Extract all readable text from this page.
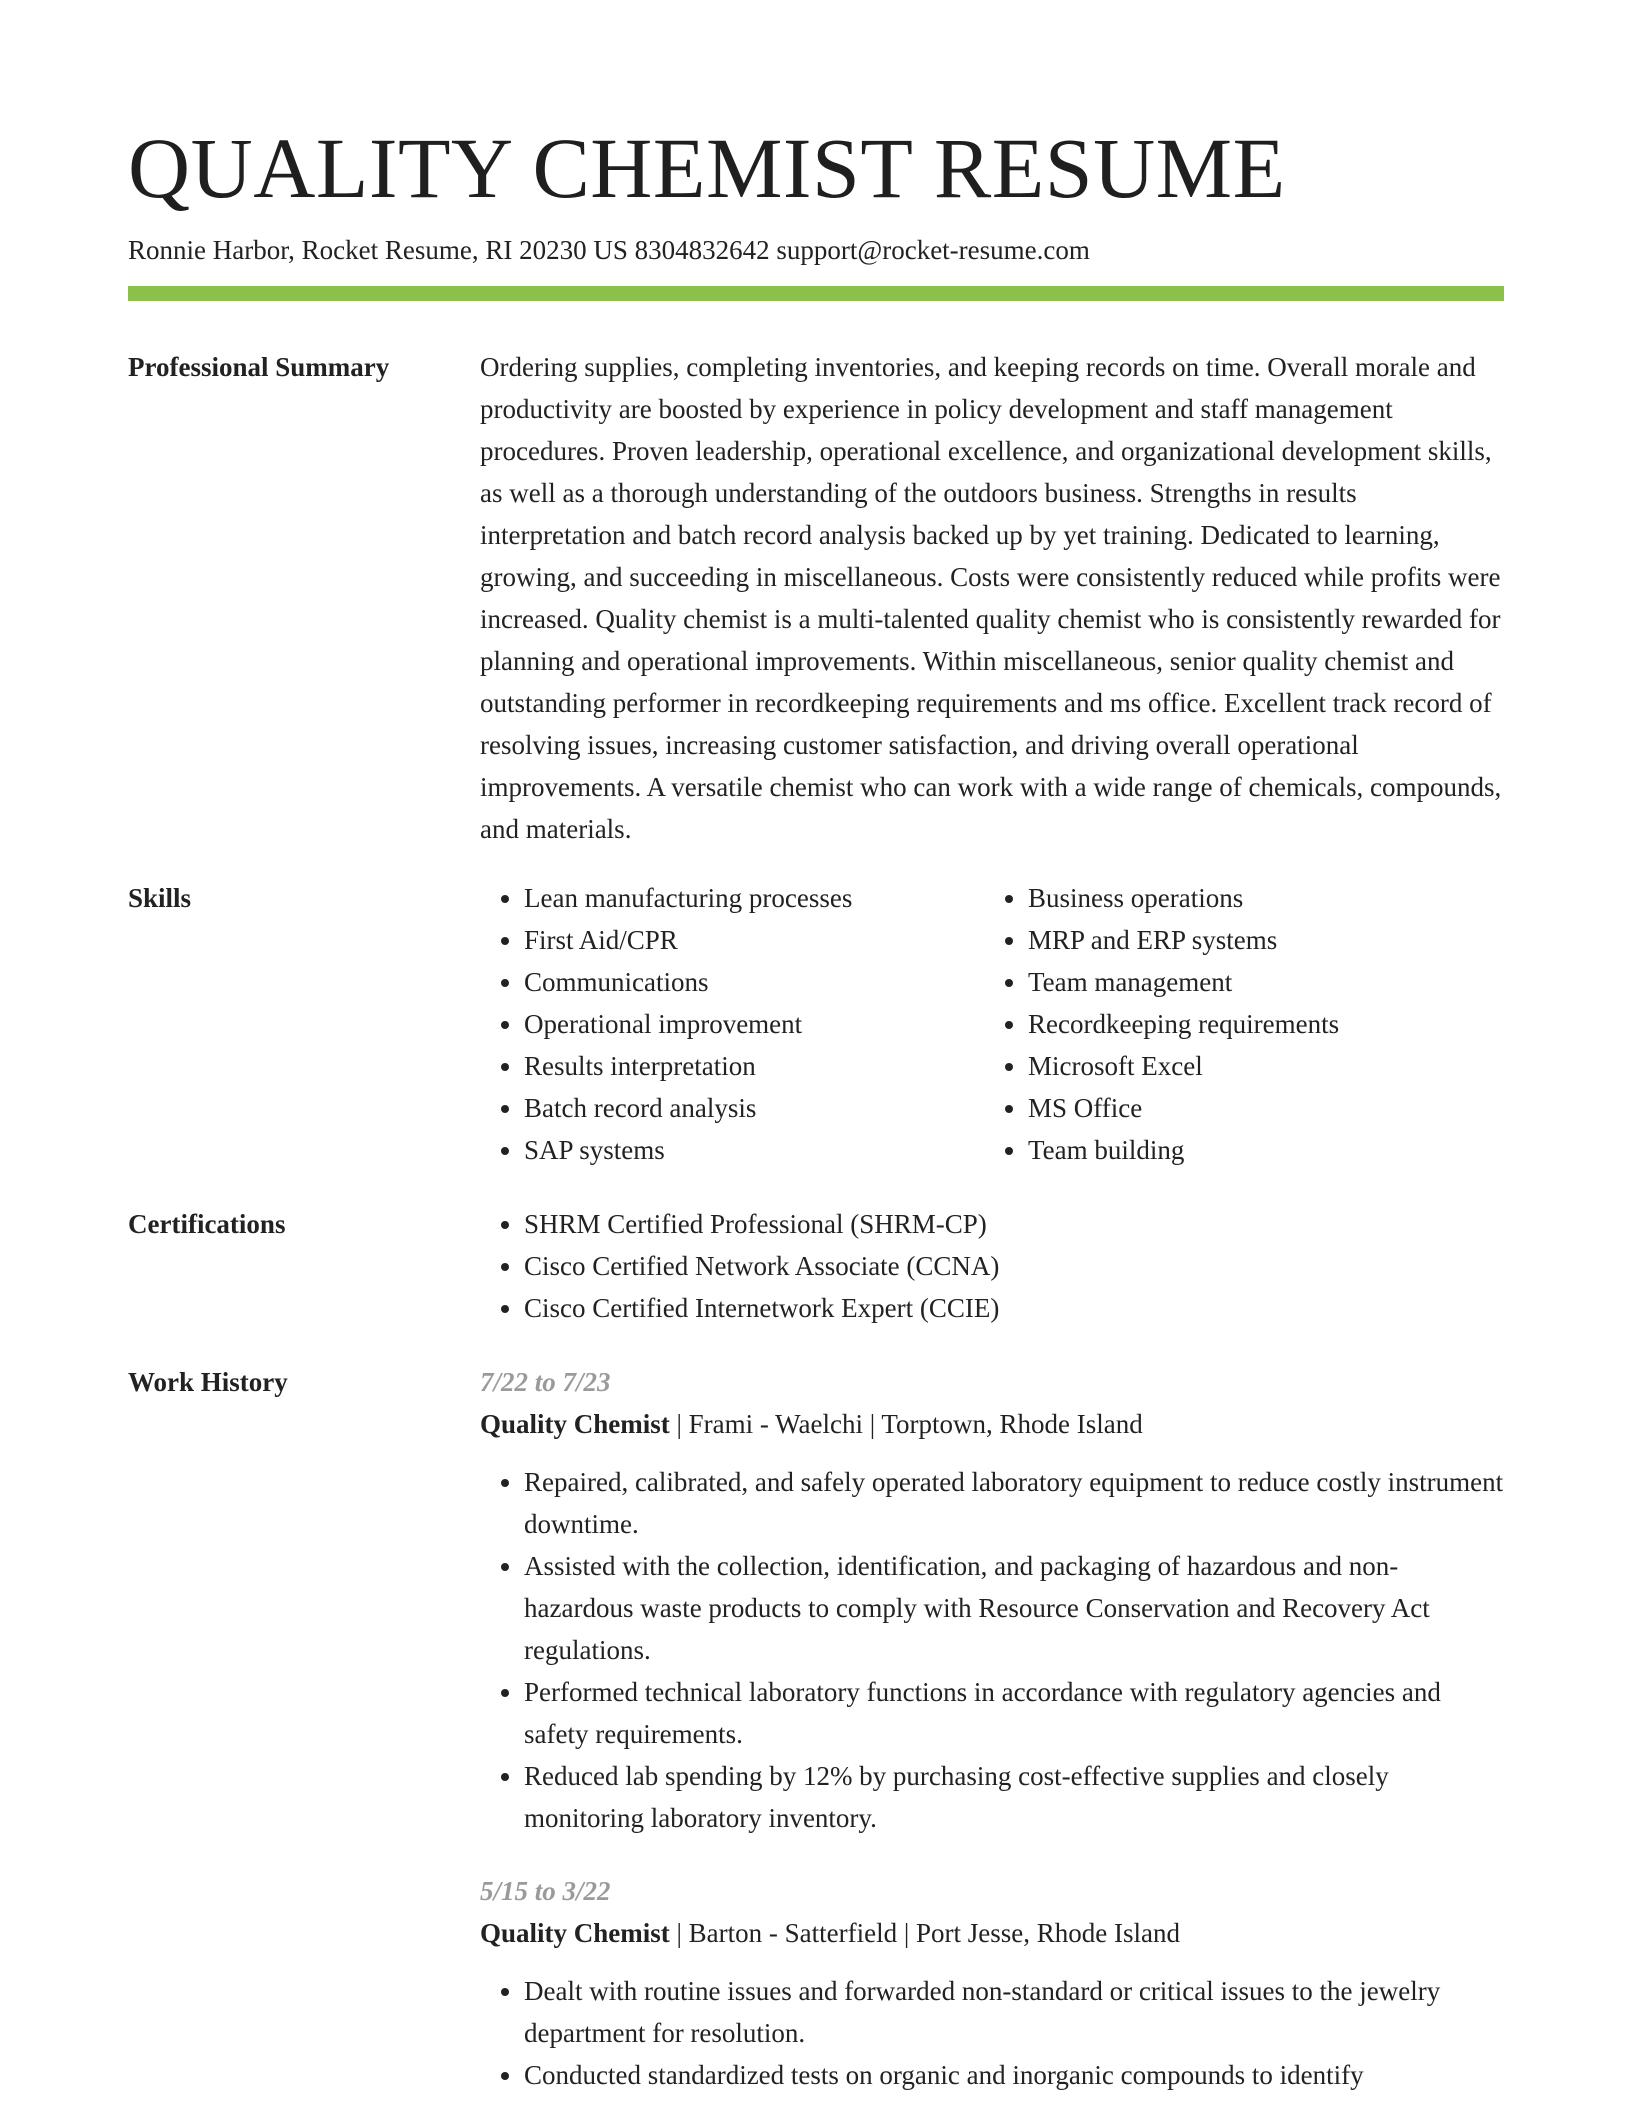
QUALITY CHEMIST RESUME
Ronnie Harbor, Rocket Resume, RI 20230 US 8304832642 support@rocket-resume.com
Professional Summary	Ordering supplies, completing inventories, and keeping records on time. Overall morale and productivity are boosted by experience in policy development and staff management procedures. Proven leadership, operational excellence, and organizational development skills, as well as a thorough understanding of the outdoors business. Strengths in results interpretation and batch record analysis backed up by yet training. Dedicated to learning, growing, and succeeding in miscellaneous. Costs were consistently reduced while profits were increased. Quality chemist is a multi-talented quality chemist who is consistently rewarded for planning and operational improvements. Within miscellaneous, senior quality chemist and outstanding performer in recordkeeping requirements and ms office. Excellent track record of resolving issues, increasing customer satisfaction, and driving overall operational improvements. A versatile chemist who can work with a wide range of chemicals, compounds, and materials.

Skills	• Lean manufacturing processes
• First Aid/CPR
• Communications
• Operational improvement
• Results interpretation
• Batch record analysis
• SAP systems
• Business operations
• MRP and ERP systems
• Team management
• Recordkeeping requirements
• Microsoft Excel
• MS Office
• Team building
Certifications	• SHRM Certified Professional (SHRM-CP)
• Cisco Certified Network Associate (CCNA)
• Cisco Certified Internetwork Expert (CCIE)
Work History	7/22 to 7/23
Quality Chemist | Frami - Waelchi | Torptown, Rhode Island
• Repaired, calibrated, and safely operated laboratory equipment to reduce costly instrument downtime.
• Assisted with the collection, identification, and packaging of hazardous and non-hazardous waste products to comply with Resource Conservation and Recovery Act regulations.
• Performed technical laboratory functions in accordance with regulatory agencies and safety requirements.
• Reduced lab spending by 12% by purchasing cost-effective supplies and closely monitoring laboratory inventory.
5/15 to 3/22
Quality Chemist | Barton - Satterfield | Port Jesse, Rhode Island
• Dealt with routine issues and forwarded non-standard or critical issues to the jewelry department for resolution.
• Conducted standardized tests on organic and inorganic compounds to identify
